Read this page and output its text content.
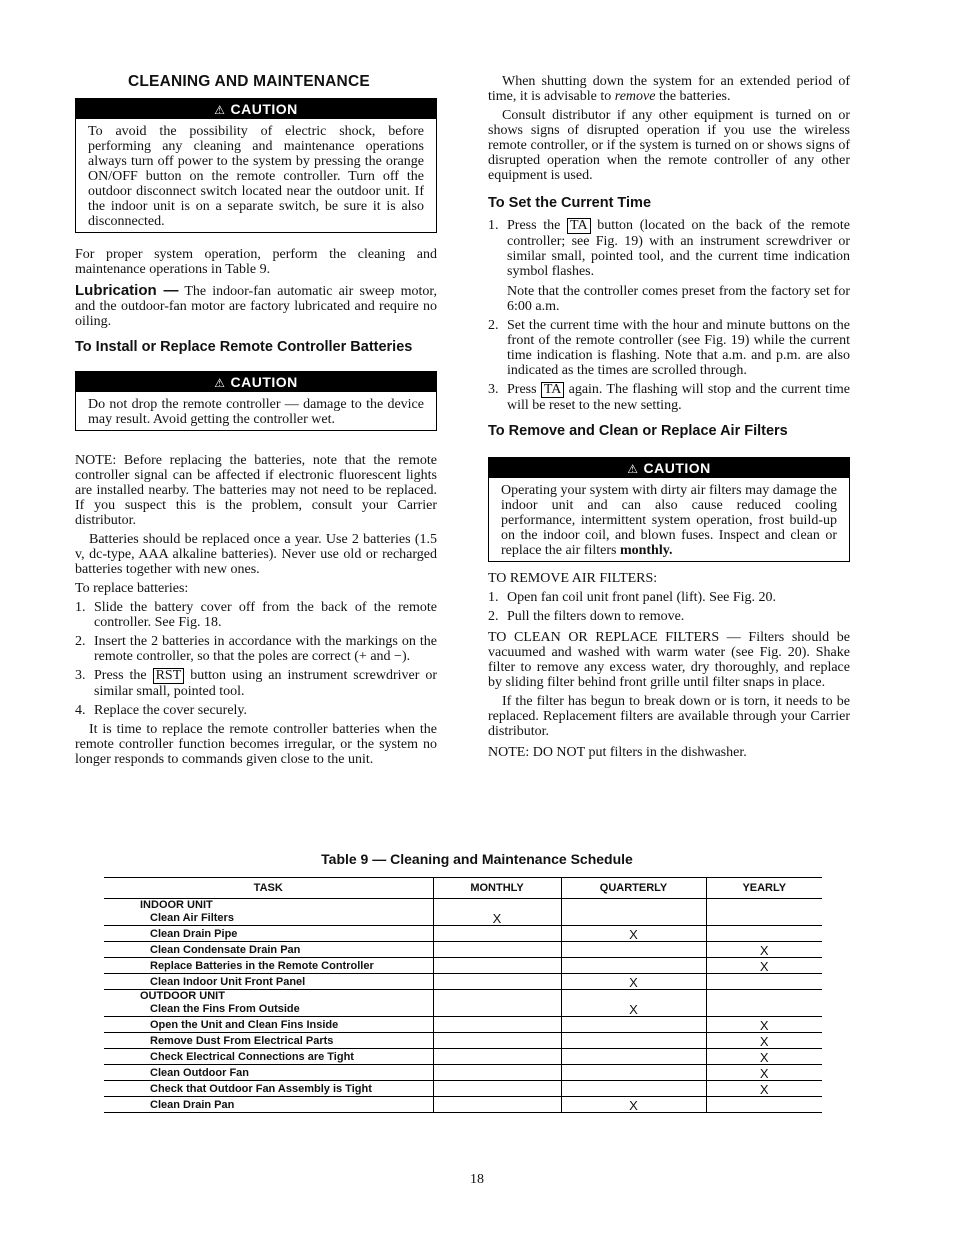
CLEANING AND MAINTENANCE
⚠ CAUTION
To avoid the possibility of electric shock, before performing any cleaning and maintenance operations always turn off power to the system by pressing the orange ON/OFF button on the remote controller. Turn off the outdoor disconnect switch located near the outdoor unit. If the indoor unit is on a separate switch, be sure it is also disconnected.

For proper system operation, perform the cleaning and maintenance operations in Table 9.

Lubrication — The indoor-fan automatic air sweep motor, and the outdoor-fan motor are factory lubricated and require no oiling.

To Install or Replace Remote Controller Batteries
⚠ CAUTION
Do not drop the remote controller — damage to the device may result. Avoid getting the controller wet.

NOTE: Before replacing the batteries, note that the remote controller signal can be affected if electronic fluorescent lights are installed nearby. The batteries may not need to be replaced. If you suspect this is the problem, consult your Carrier distributor.

Batteries should be replaced once a year. Use 2 batteries (1.5 v, dc-type, AAA alkaline batteries). Never use old or recharged batteries together with new ones.

To replace batteries:

1. Slide the battery cover off from the back of the remote controller. See Fig. 18.
2. Insert the 2 batteries in accordance with the markings on the remote controller, so that the poles are correct (+ and −).
3. Press the RST button using an instrument screwdriver or similar small, pointed tool.
4. Replace the cover securely.

It is time to replace the remote controller batteries when the remote controller function becomes irregular, or the system no longer responds to commands given close to the unit.

When shutting down the system for an extended period of time, it is advisable to remove the batteries.

Consult distributor if any other equipment is turned on or shows signs of disrupted operation if you use the wireless remote controller, or if the system is turned on or shows signs of disrupted operation when the remote controller of any other equipment is used.

To Set the Current Time
1. Press the TA button (located on the back of the remote controller; see Fig. 19) with an instrument screwdriver or similar small, pointed tool, and the current time indication symbol flashes.
Note that the controller comes preset from the factory set for 6:00 a.m.
2. Set the current time with the hour and minute buttons on the front of the remote controller (see Fig. 19) while the current time indication is flashing. Note that a.m. and p.m. are also indicated as the times are scrolled through.
3. Press TA again. The flashing will stop and the current time will be reset to the new setting.
To Remove and Clean or Replace Air Filters
⚠ CAUTION
Operating your system with dirty air filters may damage the indoor unit and can also cause reduced cooling performance, intermittent system operation, frost build-up on the indoor coil, and blown fuses. Inspect and clean or replace the air filters monthly.

TO REMOVE AIR FILTERS:

1. Open fan coil unit front panel (lift). See Fig. 20.
2. Pull the filters down to remove.

TO CLEAN OR REPLACE FILTERS — Filters should be vacuumed and washed with warm water (see Fig. 20). Shake filter to remove any excess water, dry thoroughly, and replace by sliding filter behind front grille until filter snaps in place.

If the filter has begun to break down or is torn, it needs to be replaced. Replacement filters are available through your Carrier distributor.

NOTE: DO NOT put filters in the dishwasher.

Table 9 — Cleaning and Maintenance Schedule
TASK	MONTHLY	QUARTERLY	YEARLY

INDOOR UNIT
Clean Air Filters	X		
Clean Drain Pipe		X	
Clean Condensate Drain Pan			X
Replace Batteries in the Remote Controller			X
Clean Indoor Unit Front Panel		X	

OUTDOOR UNIT
Clean the Fins From Outside		X	
Open the Unit and Clean Fins Inside			X
Remove Dust From Electrical Parts			X
Check Electrical Connections are Tight			X
Clean Outdoor Fan			X
Check that Outdoor Fan Assembly is Tight			X
Clean Drain Pan		X	
18
